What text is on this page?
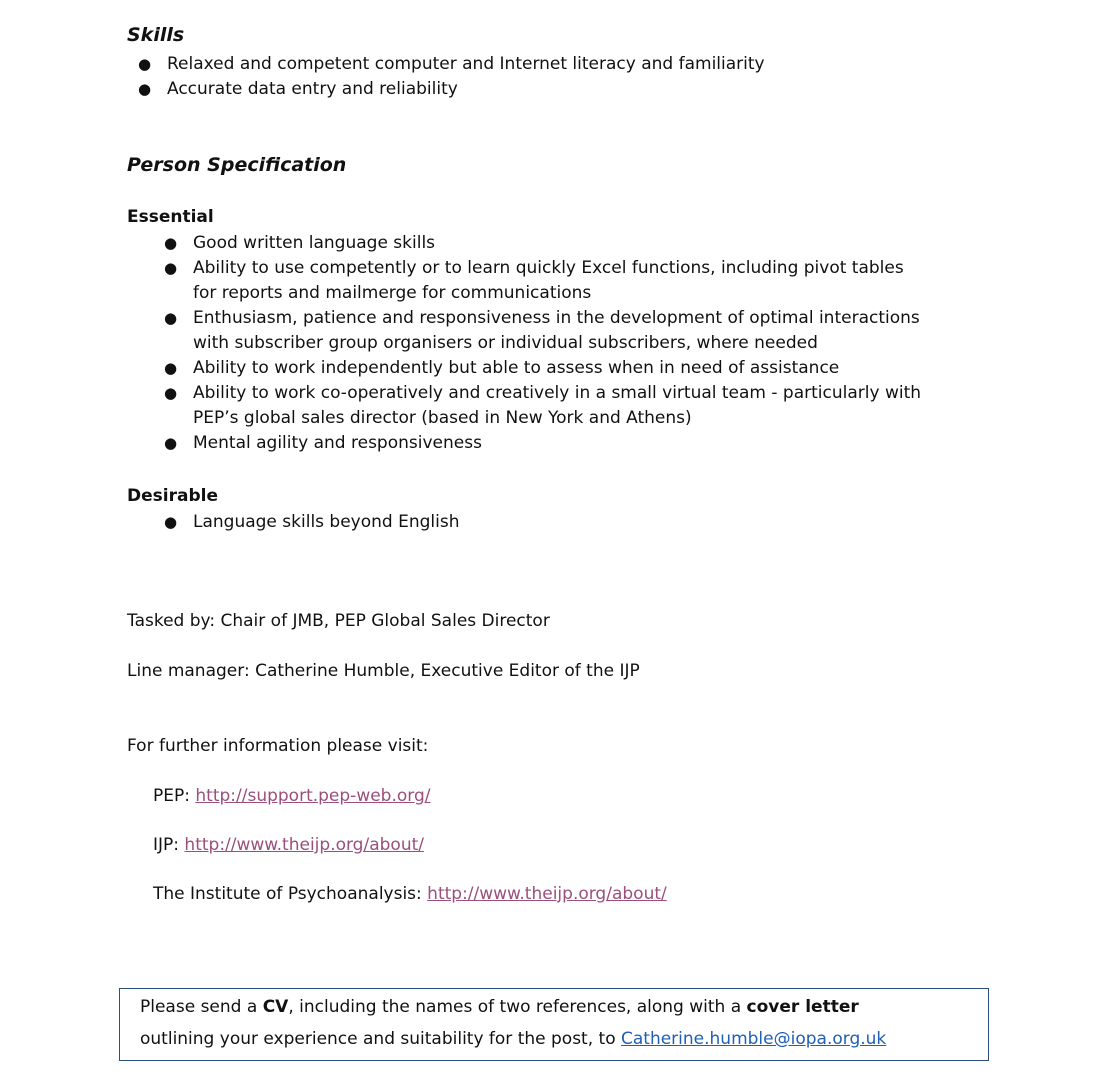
Skills
● Relaxed and competent computer and Internet literacy and familiarity
● Accurate data entry and reliability
Person Specification
Essential
● Good written language skills
● Ability to use competently or to learn quickly Excel functions, including pivot tables
for reports and mailmerge for communications
● Enthusiasm, patience and responsiveness in the development of optimal interactions
with subscriber group organisers or individual subscribers, where needed
● Ability to work independently but able to assess when in need of assistance
● Ability to work co-operatively and creatively in a small virtual team - particularly with
PEP’s global sales director (based in New York and Athens)
● Mental agility and responsiveness
Desirable
● Language skills beyond English
Tasked by: Chair of JMB, PEP Global Sales Director
Line manager: Catherine Humble, Executive Editor of the IJP
For further information please visit:
PEP: http://support.pep-web.org/
IJP: http://www.theijp.org/about/
The Institute of Psychoanalysis: http://www.theijp.org/about/
Please send a CV, including the names of two references, along with a cover letter
outlining your experience and suitability for the post, to Catherine.humble@iopa.org.uk
